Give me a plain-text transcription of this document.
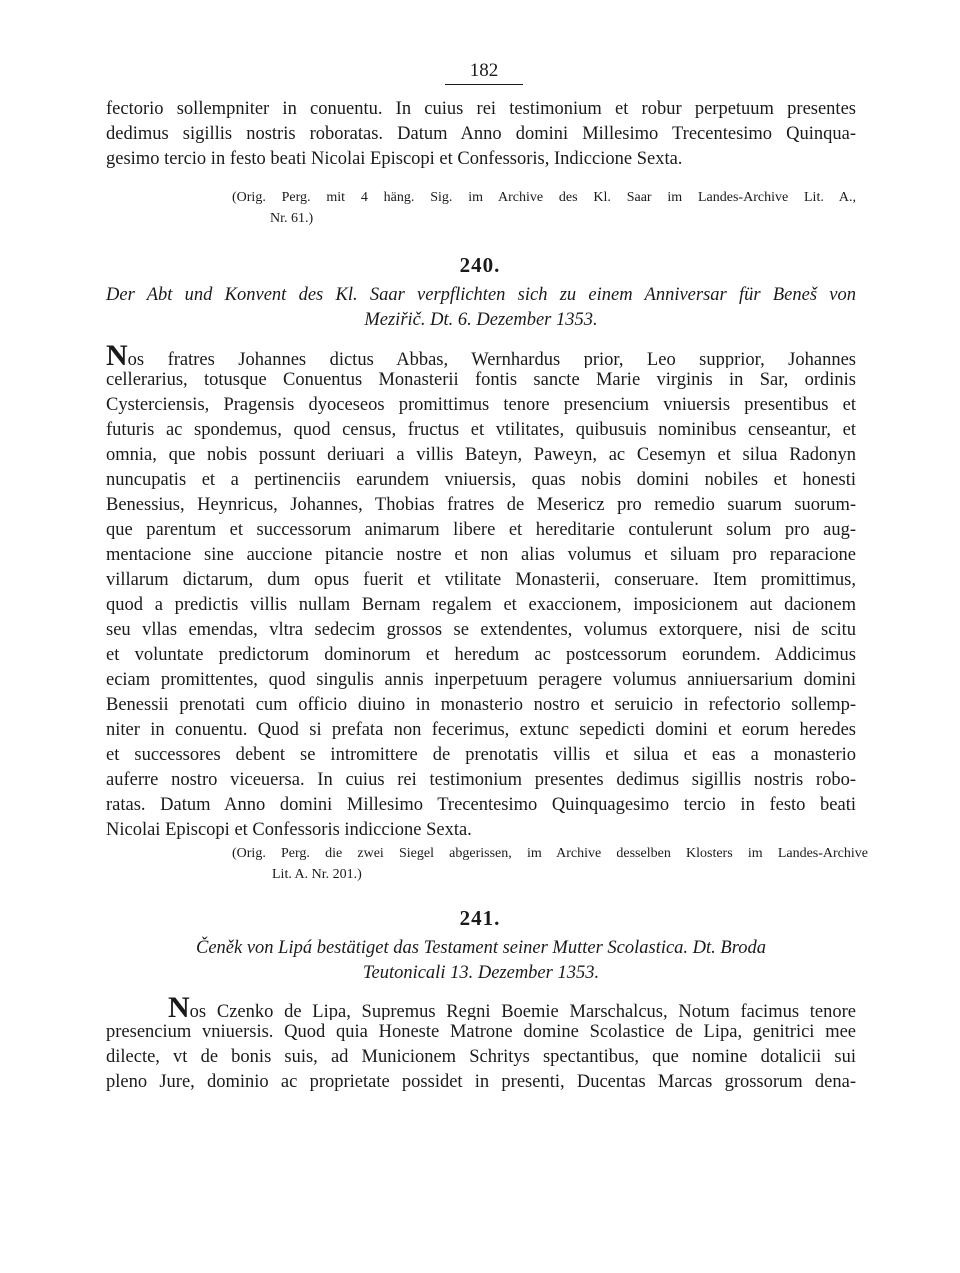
182
fectorio sollempniter in conuentu. In cuius rei testimonium et robur perpetuum presentes
dedimus sigillis nostris roboratas. Datum Anno domini Millesimo Trecentesimo Quinqua-
gesimo tercio in festo beati Nicolai Episcopi et Confessoris, Indiccione Sexta.
(Orig. Perg. mit 4 häng. Sig. im Archive des Kl. Saar im Landes-Archive Lit. A.,
Nr. 61.)
240.
Der Abt und Konvent des Kl. Saar verpflichten sich zu einem Anniversar für Beneš von
Meziřič. Dt. 6. Dezember 1353.
Nos fratres Johannes dictus Abbas, Wernhardus prior, Leo supprior, Johannes
cellerarius, totusque Conuentus Monasterii fontis sancte Marie virginis in Sar, ordinis
Cysterciensis, Pragensis dyoceseos promittimus tenore presencium vniuersis presentibus et
futuris ac spondemus, quod census, fructus et vtilitates, quibusuis nominibus censeantur, et
omnia, que nobis possunt deriuari a villis Bateyn, Paweyn, ac Cesemyn et silua Radonyn
nuncupatis et a pertinenciis earundem vniuersis, quas nobis domini nobiles et honesti
Benessius, Heynricus, Johannes, Thobias fratres de Meseriсz pro remedio suarum suorum-
que parentum et successorum animarum libere et hereditarie contulerunt solum pro aug-
mentacione sine auccione pitancie nostre et non alias volumus et siluam pro reparacione
villarum dictarum, dum opus fuerit et vtilitate Monasterii, conseruare. Item promittimus,
quod a predictis villis nullam Bernam regalem et exaccionem, imposicionem aut dacionem
seu vllas emendas, vltra sedecim grossos se extendentes, volumus extorquere, nisi de scitu
et voluntate predictorum dominorum et heredum ac postcessorum eorundem. Addicimus
eciam promittentes, quod singulis annis inperpetuum peragere volumus anniuersarium domini
Benessii prenotati cum officio diuino in monasterio nostro et seruicio in refectorio sollemp-
niter in conuentu. Quod si prefata non fecerimus, extunc sepedicti domini et eorum heredes
et successores debent se intromittere de prenotatis villis et silua et eas a monasterio
auferre nostro viceuersa. In cuius rei testimonium presentes dedimus sigillis nostris robo-
ratas. Datum Anno domini Millesimo Trecentesimo Quinquagesimo tercio in festo beati
Nicolai Episcopi et Confessoris indiccione Sexta.
(Orig. Perg. die zwei Siegel abgerissen, im Archive desselben Klosters im Landes-Archive
Lit. A. Nr. 201.)
241.
Čeněk von Lipá bestätiget das Testament seiner Mutter Scolastica. Dt. Broda
Teutonicali 13. Dezember 1353.
Nos Czenko de Lipa, Supremus Regni Boemie Marschalcus, Notum facimus tenore
presencium vniuersis. Quod quia Honeste Matrone domine Scolastice de Lipa, genitrici mee
dilecte, vt de bonis suis, ad Municionem Schritys spectantibus, que nomine dotalicii sui
pleno Jure, dominio ac proprietate possidet in presenti, Ducentas Marcas grossorum dena-
